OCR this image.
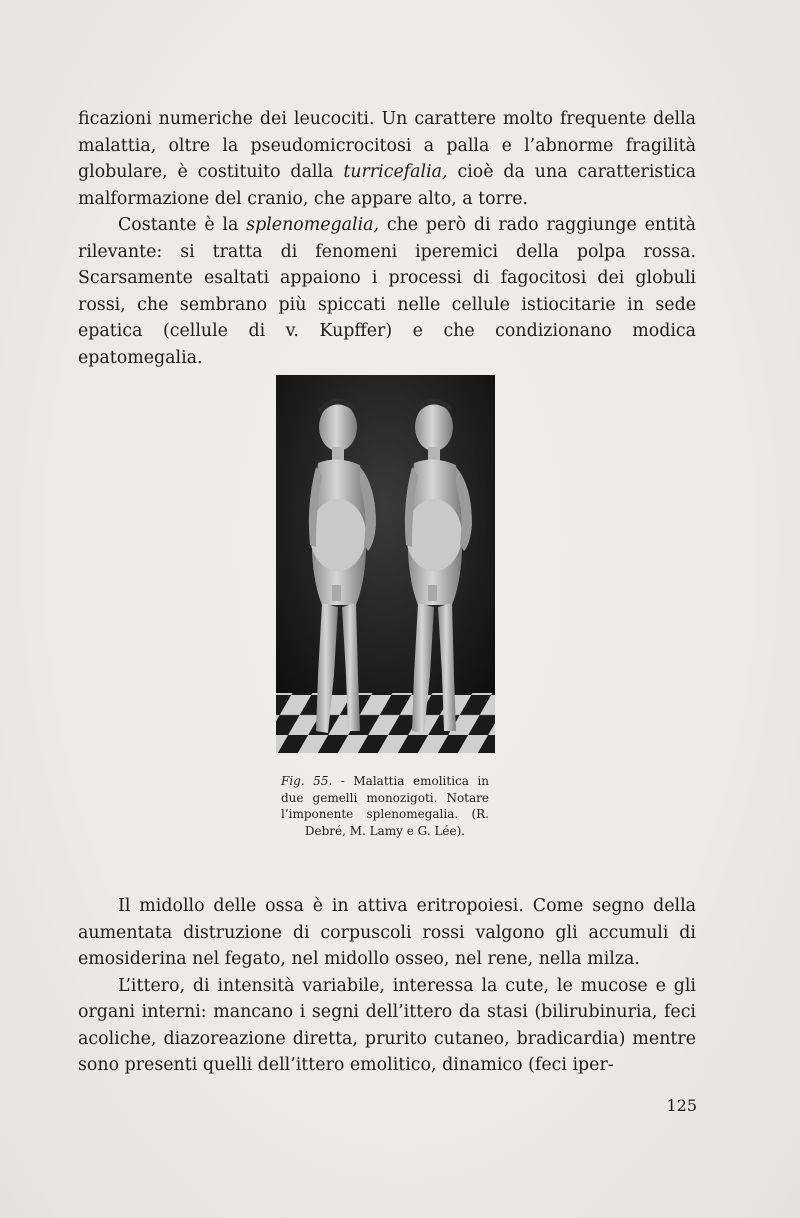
ficazioni numeriche dei leucociti. Un carattere molto frequente della malattia, oltre la pseudomicrocitosi a palla e l’abnorme fragilità globulare, è costituito dalla turricefalia, cioè da una caratteristica malformazione del cranio, che appare alto, a torre.

Costante è la splenomegalia, che però di rado raggiunge entità rilevante: si tratta di fenomeni iperemici della polpa rossa. Scarsamente esaltati appaiono i processi di fagocitosi dei globuli rossi, che sembrano più spiccati nelle cellule istiocitarie in sede epatica (cellule di v. Kupffer) e che condizionano modica epatomegalia.

Fig. 55. - Malattia emolitica in due gemelli monozigoti. Notare l’imponente splenomegalia. (R. Debré, M. Lamy e G. Lée).

Il midollo delle ossa è in attiva eritropoiesi. Come segno della aumentata distruzione di corpuscoli rossi valgono gli accumuli di emosiderina nel fegato, nel midollo osseo, nel rene, nella milza.

L’ittero, di intensità variabile, interessa la cute, le mucose e gli organi interni: mancano i segni dell’ittero da stasi (bilirubinuria, feci acoliche, diazoreazione diretta, prurito cutaneo, bradicardia) mentre sono presenti quelli dell’ittero emolitico, dinamico (feci iper-

125
